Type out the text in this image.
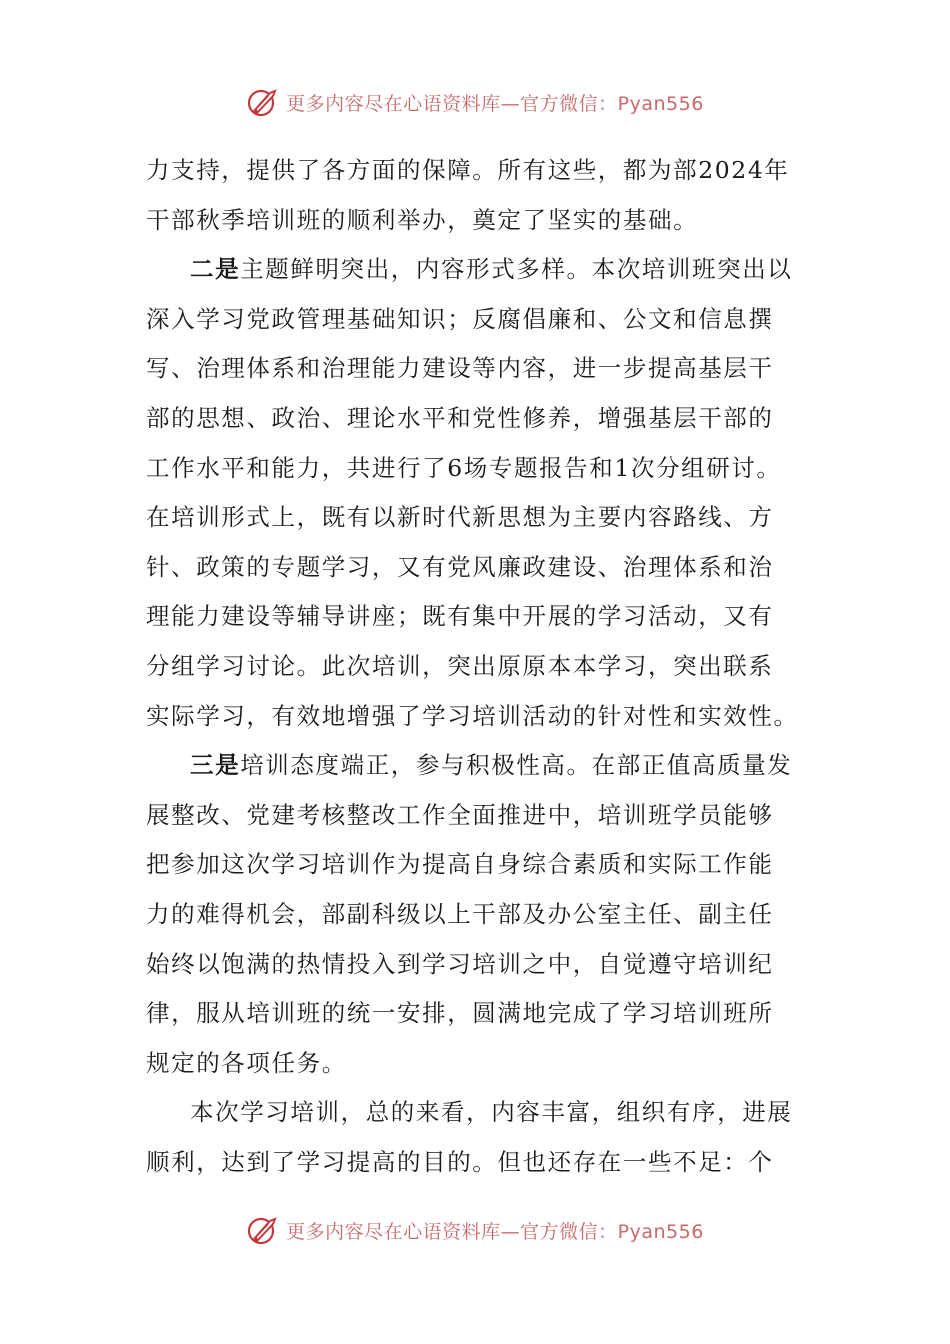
更多内容尽在心语资料库—官方微信：Pyan556
力支持，提供了各方面的保障。所有这些，都为部2024年
干部秋季培训班的顺利举办，奠定了坚实的基础。
二是主题鲜明突出，内容形式多样。本次培训班突出以
深入学习党政管理基础知识；反腐倡廉和、公文和信息撰
写、治理体系和治理能力建设等内容，进一步提高基层干
部的思想、政治、理论水平和党性修养，增强基层干部的
工作水平和能力，共进行了6场专题报告和1次分组研讨。
在培训形式上，既有以新时代新思想为主要内容路线、方
针、政策的专题学习，又有党风廉政建设、治理体系和治
理能力建设等辅导讲座；既有集中开展的学习活动，又有
分组学习讨论。此次培训，突出原原本本学习，突出联系
实际学习，有效地增强了学习培训活动的针对性和实效性。
三是培训态度端正，参与积极性高。在部正值高质量发
展整改、党建考核整改工作全面推进中，培训班学员能够
把参加这次学习培训作为提高自身综合素质和实际工作能
力的难得机会，部副科级以上干部及办公室主任、副主任
始终以饱满的热情投入到学习培训之中，自觉遵守培训纪
律，服从培训班的统一安排，圆满地完成了学习培训班所
规定的各项任务。
本次学习培训，总的来看，内容丰富，组织有序，进展
顺利，达到了学习提高的目的。但也还存在一些不足：个
更多内容尽在心语资料库—官方微信：Pyan556
